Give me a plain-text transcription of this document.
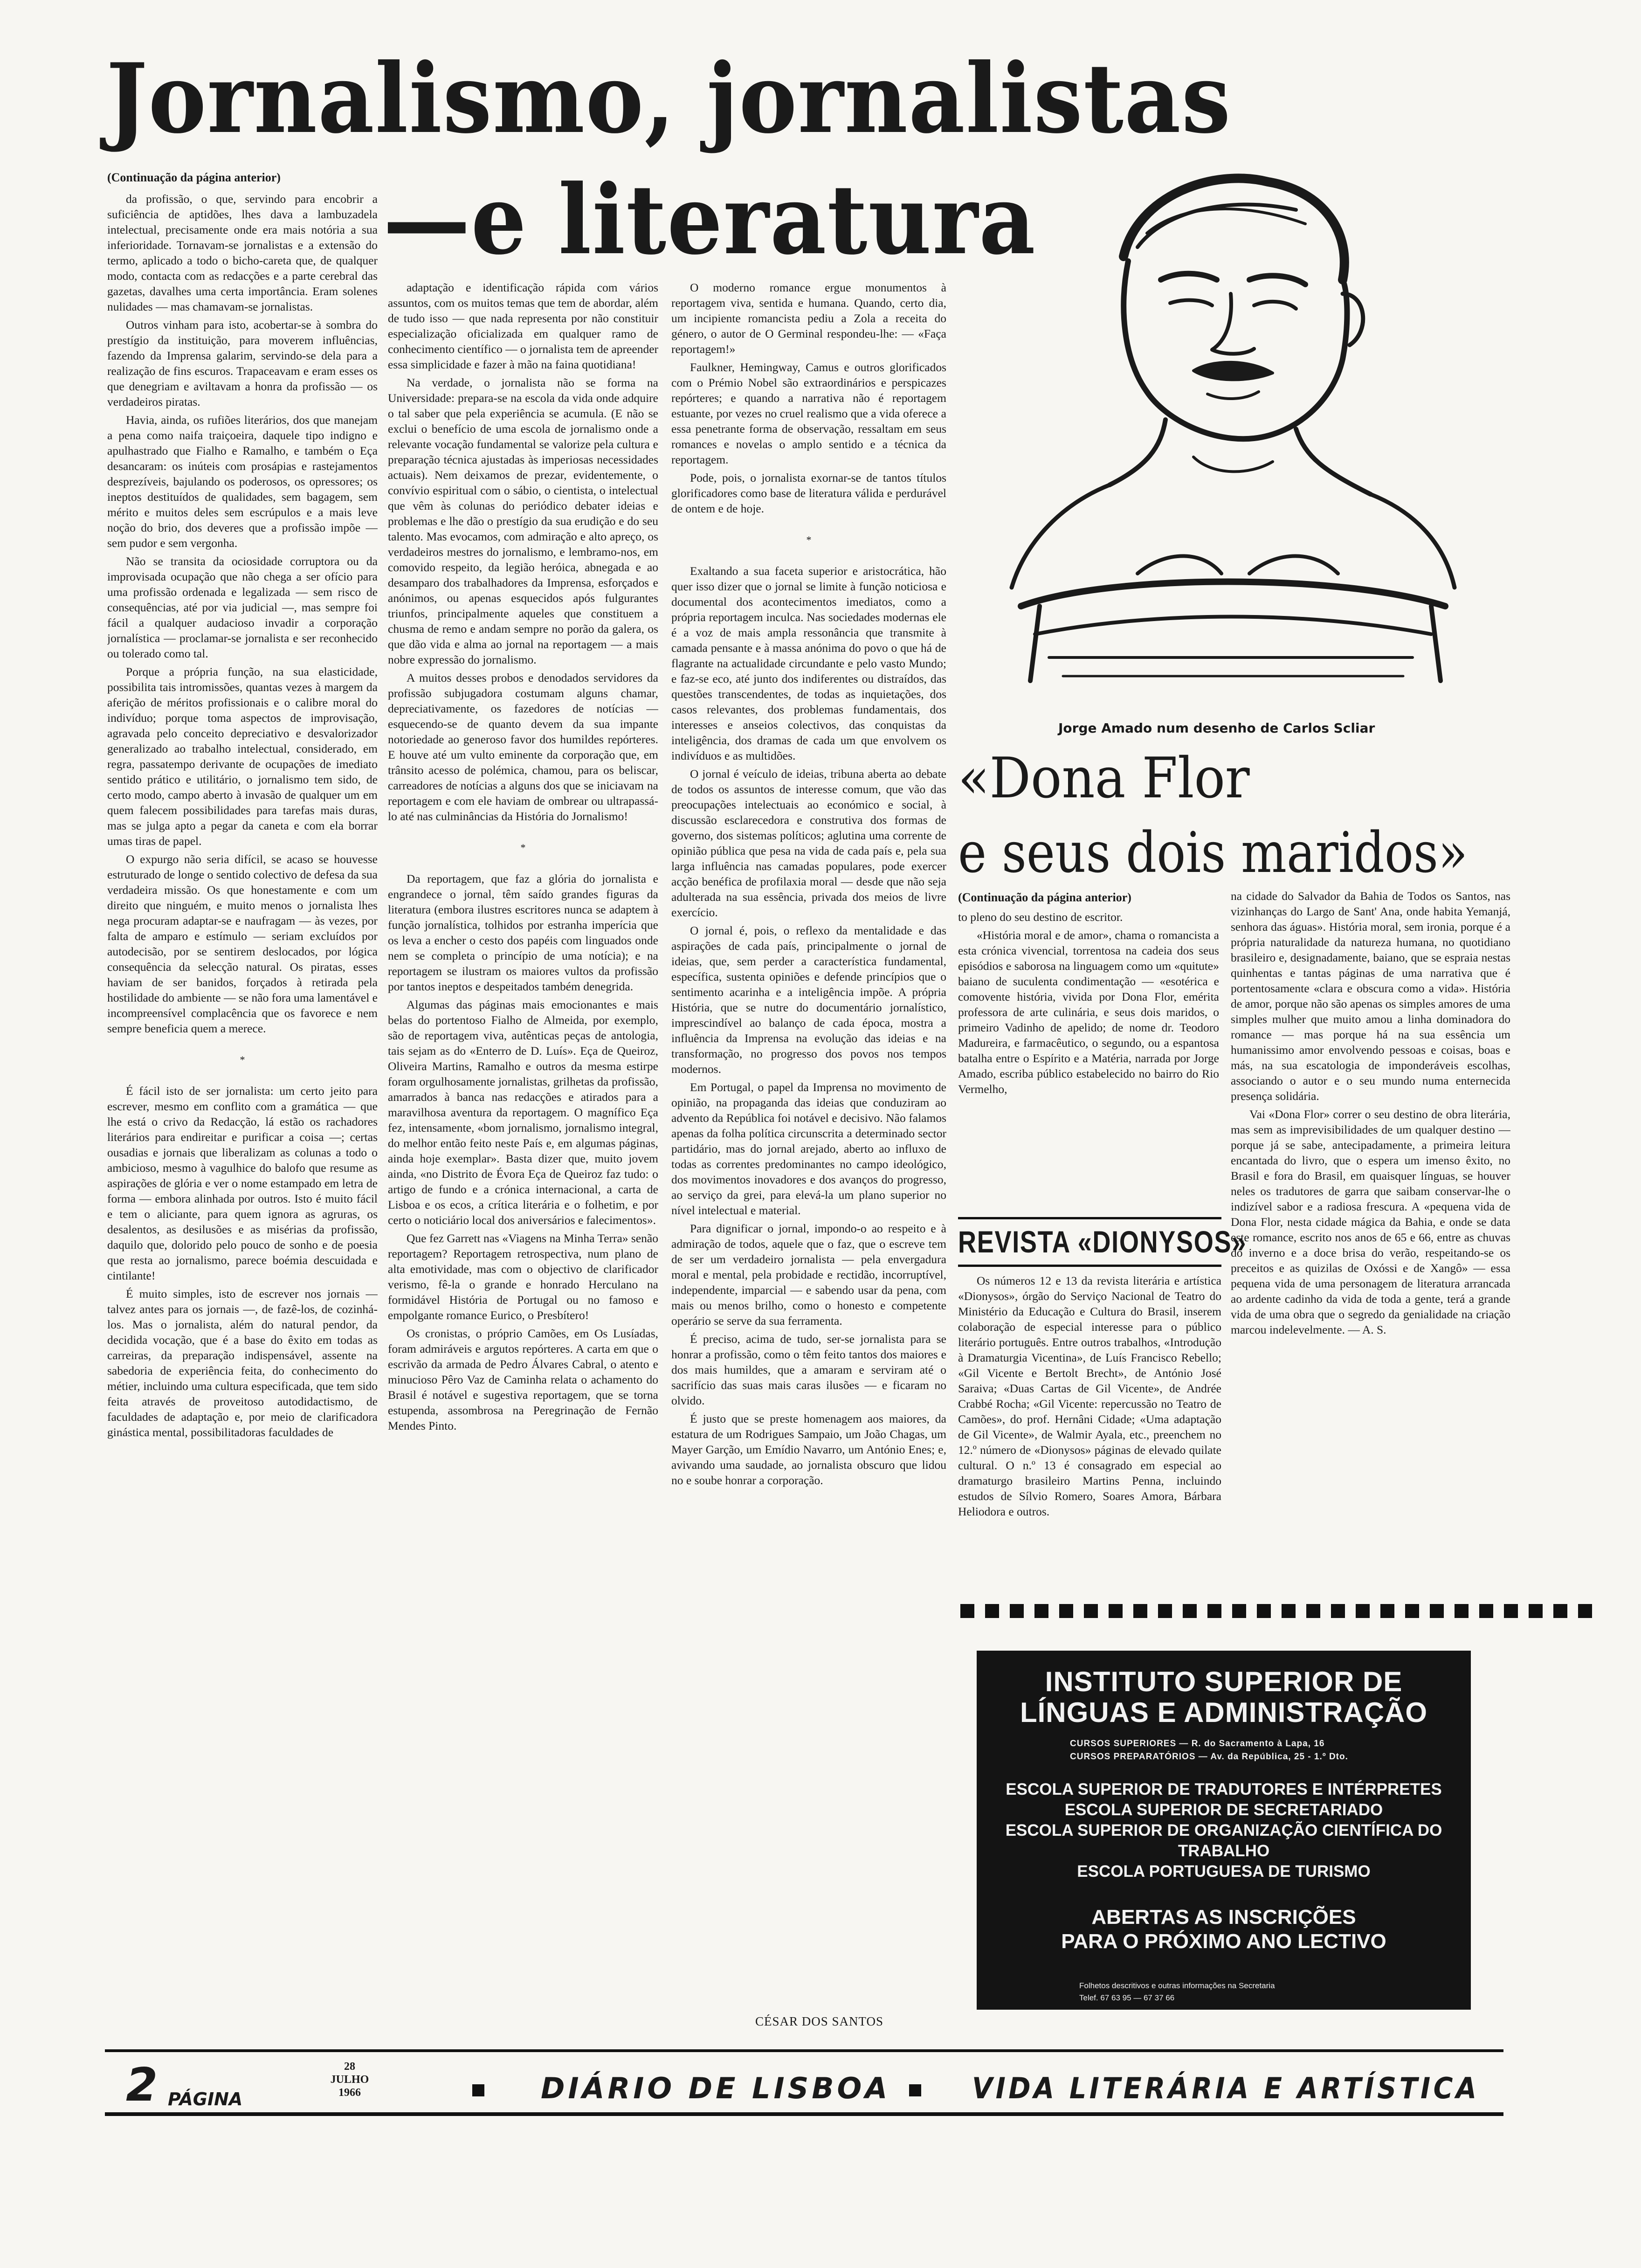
Jornalismo, jornalistas
—e literatura
(Continuação da página anterior)

da profissão, o que, servindo para encobrir a suficiência de aptidões, lhes dava a lambuzadela intelectual, precisamente onde era mais notória a sua inferioridade. Tornavam-se jornalistas e a extensão do termo, aplicado a todo o bicho-careta que, de qualquer modo, contacta com as redacções e a parte cerebral das gazetas, davalhes uma certa importância. Eram solenes nulidades — mas chamavam-se jornalistas.

Outros vinham para isto, acobertar-se à sombra do prestígio da instituição, para moverem influências, fazendo da Imprensa galarim, servindo-se dela para a realização de fins escuros. Trapaceavam e eram esses os que denegriam e aviltavam a honra da profissão — os verdadeiros piratas.

Havia, ainda, os rufiões literários, dos que manejam a pena como naifa traiçoeira, daquele tipo indigno e apulhastrado que Fialho e Ramalho, e também o Eça desancaram: os inúteis com prosápias e rastejamentos desprezíveis, bajulando os poderosos, os opressores; os ineptos destituídos de qualidades, sem bagagem, sem mérito e muitos deles sem escrúpulos e a mais leve noção do brio, dos deveres que a profissão impõe — sem pudor e sem vergonha.

Não se transita da ociosidade corruptora ou da improvisada ocupação que não chega a ser ofício para uma profissão ordenada e legalizada — sem risco de consequências, até por via judicial —, mas sempre foi fácil a qualquer audacioso invadir a corporação jornalística — proclamar-se jornalista e ser reconhecido ou tolerado como tal.

Porque a própria função, na sua elasticidade, possibilita tais intromissões, quantas vezes à margem da aferição de méritos profissionais e o calibre moral do indivíduo; porque toma aspectos de improvisação, agravada pelo conceito depreciativo e desvalorizador generalizado ao trabalho intelectual, considerado, em regra, passatempo derivante de ocupações de imediato sentido prático e utilitário, o jornalismo tem sido, de certo modo, campo aberto à invasão de qualquer um em quem falecem possibilidades para tarefas mais duras, mas se julga apto a pegar da caneta e com ela borrar umas tiras de papel.

O expurgo não seria difícil, se acaso se houvesse estruturado de longe o sentido colectivo de defesa da sua verdadeira missão. Os que honestamente e com um direito que ninguém, e muito menos o jornalista lhes nega procuram adaptar-se e naufragam — às vezes, por falta de amparo e estímulo — seriam excluídos por autodecisão, por se sentirem deslocados, por lógica consequência da selecção natural. Os piratas, esses haviam de ser banidos, forçados à retirada pela hostilidade do ambiente — se não fora uma lamentável e incompreensível complacência que os favorece e nem sempre beneficia quem a merece.

*

É fácil isto de ser jornalista: um certo jeito para escrever, mesmo em conflito com a gramática — que lhe está o crivo da Redacção, lá estão os rachadores literários para endireitar e purificar a coisa —; certas ousadias e jornais que liberalizam as colunas a todo o ambicioso, mesmo à vagulhice do balofo que resume as aspirações de glória e ver o nome estampado em letra de forma — embora alinhada por outros. Isto é muito fácil e tem o aliciante, para quem ignora as agruras, os desalentos, as desilusões e as misérias da profissão, daquilo que, dolorido pelo pouco de sonho e de poesia que resta ao jornalismo, parece boémia descuidada e cintilante!

É muito simples, isto de escrever nos jornais — talvez antes para os jornais —, de fazê-los, de cozinhá-los. Mas o jornalista, além do natural pendor, da decidida vocação, que é a base do êxito em todas as carreiras, da preparação indispensável, assente na sabedoria de experiência feita, do conhecimento do métier, incluindo uma cultura especificada, que tem sido feita através de proveitoso autodidactismo, de faculdades de adaptação e, por meio de clarificadora ginástica mental, possibilitadoras faculdades de

adaptação e identificação rápida com vários assuntos, com os muitos temas que tem de abordar, além de tudo isso — que nada representa por não constituir especialização oficializada em qualquer ramo de conhecimento científico — o jornalista tem de apreender essa simplicidade e fazer à mão na faina quotidiana!

Na verdade, o jornalista não se forma na Universidade: prepara-se na escola da vida onde adquire o tal saber que pela experiência se acumula. (E não se exclui o benefício de uma escola de jornalismo onde a relevante vocação fundamental se valorize pela cultura e preparação técnica ajustadas às imperiosas necessidades actuais). Nem deixamos de prezar, evidentemente, o convívio espiritual com o sábio, o cientista, o intelectual que vêm às colunas do periódico debater ideias e problemas e lhe dão o prestígio da sua erudição e do seu talento. Mas evocamos, com admiração e alto apreço, os verdadeiros mestres do jornalismo, e lembramo-nos, em comovido respeito, da legião heróica, abnegada e ao desamparo dos trabalhadores da Imprensa, esforçados e anónimos, ou apenas esquecidos após fulgurantes triunfos, principalmente aqueles que constituem a chusma de remo e andam sempre no porão da galera, os que dão vida e alma ao jornal na reportagem — a mais nobre expressão do jornalismo.

A muitos desses probos e denodados servidores da profissão subjugadora costumam alguns chamar, depreciativamente, os fazedores de notícias — esquecendo-se de quanto devem da sua impante notoriedade ao generoso favor dos humildes repórteres. E houve até um vulto eminente da corporação que, em trânsito acesso de polémica, chamou, para os beliscar, carreadores de notícias a alguns dos que se iniciavam na reportagem e com ele haviam de ombrear ou ultrapassá-lo até nas culminâncias da História do Jornalismo!

*

Da reportagem, que faz a glória do jornalista e engrandece o jornal, têm saído grandes figuras da literatura (embora ilustres escritores nunca se adaptem à função jornalística, tolhidos por estranha imperícia que os leva a encher o cesto dos papéis com linguados onde nem se completa o princípio de uma notícia); e na reportagem se ilustram os maiores vultos da profissão por tantos ineptos e despeitados também denegrida.

Algumas das páginas mais emocionantes e mais belas do portentoso Fialho de Almeida, por exemplo, são de reportagem viva, autênticas peças de antologia, tais sejam as do «Enterro de D. Luís». Eça de Queiroz, Oliveira Martins, Ramalho e outros da mesma estirpe foram orgulhosamente jornalistas, grilhetas da profissão, amarrados à banca nas redacções e atirados para a maravilhosa aventura da reportagem. O magnífico Eça fez, intensamente, «bom jornalismo, jornalismo integral, do melhor então feito neste País e, em algumas páginas, ainda hoje exemplar». Basta dizer que, muito jovem ainda, «no Distrito de Évora Eça de Queiroz faz tudo: o artigo de fundo e a crónica internacional, a carta de Lisboa e os ecos, a crítica literária e o folhetim, e por certo o noticiário local dos aniversários e falecimentos».

Que fez Garrett nas «Viagens na Minha Terra» senão reportagem? Reportagem retrospectiva, num plano de alta emotividade, mas com o objectivo de clarificador verismo, fê-la o grande e honrado Herculano na formidável História de Portugal ou no famoso e empolgante romance Eurico, o Presbítero!

Os cronistas, o próprio Camões, em Os Lusíadas, foram admiráveis e argutos repórteres. A carta em que o escrivão da armada de Pedro Álvares Cabral, o atento e minucioso Pêro Vaz de Caminha relata o achamento do Brasil é notável e sugestiva reportagem, que se torna estupenda, assombrosa na Peregrinação de Fernão Mendes Pinto.

O moderno romance ergue monumentos à reportagem viva, sentida e humana. Quando, certo dia, um incipiente romancista pediu a Zola a receita do género, o autor de O Germinal respondeu-lhe: — «Faça reportagem!»

Faulkner, Hemingway, Camus e outros glorificados com o Prémio Nobel são extraordinários e perspicazes repórteres; e quando a narrativa não é reportagem estuante, por vezes no cruel realismo que a vida oferece a essa penetrante forma de observação, ressaltam em seus romances e novelas o amplo sentido e a técnica da reportagem.

Pode, pois, o jornalista exornar-se de tantos títulos glorificadores como base de literatura válida e perdurável de ontem e de hoje.

*

Exaltando a sua faceta superior e aristocrática, hão quer isso dizer que o jornal se limite à função noticiosa e documental dos acontecimentos imediatos, como a própria reportagem inculca. Nas sociedades modernas ele é a voz de mais ampla ressonância que transmite à camada pensante e à massa anónima do povo o que há de flagrante na actualidade circundante e pelo vasto Mundo; e faz-se eco, até junto dos indiferentes ou distraídos, das questões transcendentes, de todas as inquietações, dos casos relevantes, dos problemas fundamentais, dos interesses e anseios colectivos, das conquistas da inteligência, dos dramas de cada um que envolvem os indivíduos e as multidões.

O jornal é veículo de ideias, tribuna aberta ao debate de todos os assuntos de interesse comum, que vão das preocupações intelectuais ao económico e social, à discussão esclarecedora e construtiva dos formas de governo, dos sistemas políticos; aglutina uma corrente de opinião pública que pesa na vida de cada país e, pela sua larga influência nas camadas populares, pode exercer acção benéfica de profilaxia moral — desde que não seja adulterada na sua essência, privada dos meios de livre exercício.

O jornal é, pois, o reflexo da mentalidade e das aspirações de cada país, principalmente o jornal de ideias, que, sem perder a característica fundamental, específica, sustenta opiniões e defende princípios que o sentimento acarinha e a inteligência impõe. A própria História, que se nutre do documentário jornalístico, imprescindível ao balanço de cada época, mostra a influência da Imprensa na evolução das ideias e na transformação, no progresso dos povos nos tempos modernos.

Em Portugal, o papel da Imprensa no movimento de opinião, na propaganda das ideias que conduziram ao advento da República foi notável e decisivo. Não falamos apenas da folha política circunscrita a determinado sector partidário, mas do jornal arejado, aberto ao influxo de todas as correntes predominantes no campo ideológico, dos movimentos inovadores e dos avanços do progresso, ao serviço da grei, para elevá-la um plano superior no nível intelectual e material.

Para dignificar o jornal, impondo-o ao respeito e à admiração de todos, aquele que o faz, que o escreve tem de ser um verdadeiro jornalista — pela envergadura moral e mental, pela probidade e rectidão, incorruptível, independente, imparcial — e sabendo usar da pena, com mais ou menos brilho, como o honesto e competente operário se serve da sua ferramenta.

É preciso, acima de tudo, ser-se jornalista para se honrar a profissão, como o têm feito tantos dos maiores e dos mais humildes, que a amaram e serviram até o sacrifício das suas mais caras ilusões — e ficaram no olvido.

É justo que se preste homenagem aos maiores, da estatura de um Rodrigues Sampaio, um João Chagas, um Mayer Garção, um Emídio Navarro, um António Enes; e, avivando uma saudade, ao jornalista obscuro que lidou no e soube honrar a corporação.

CÉSAR DOS SANTOS
Jorge Amado num desenho de Carlos Scliar
«Dona Flor
e seus dois maridos»
(Continuação da página anterior)

to pleno do seu destino de escritor.

«História moral e de amor», chama o romancista a esta crónica vivencial, torrentosa na cadeia dos seus episódios e saborosa na linguagem como um «quitute» baiano de suculenta condimentação — «esotérica e comovente história, vivida por Dona Flor, emérita professora de arte culinária, e seus dois maridos, o primeiro Vadinho de apelido; de nome dr. Teodoro Madureira, e farmacêutico, o segundo, ou a espantosa batalha entre o Espírito e a Matéria, narrada por Jorge Amado, escriba público estabelecido no bairro do Rio Vermelho,

na cidade do Salvador da Bahia de Todos os Santos, nas vizinhanças do Largo de Sant' Ana, onde habita Yemanjá, senhora das águas». História moral, sem ironia, porque é a própria naturalidade da natureza humana, no quotidiano brasileiro e, designadamente, baiano, que se espraia nestas quinhentas e tantas páginas de uma narrativa que é portentosamente «clara e obscura como a vida». História de amor, porque não são apenas os simples amores de uma simples mulher que muito amou a linha dominadora do romance — mas porque há na sua essência um humanissimo amor envolvendo pessoas e coisas, boas e más, na sua escatologia de imponderáveis escolhas, associando o autor e o seu mundo numa enternecida presença solidária.

Vai «Dona Flor» correr o seu destino de obra literária, mas sem as imprevisibilidades de um qualquer destino — porque já se sabe, antecipadamente, a primeira leitura encantada do livro, que o espera um imenso êxito, no Brasil e fora do Brasil, em quaisquer línguas, se houver neles os tradutores de garra que saibam conservar-lhe o indizível sabor e a radiosa frescura. A «pequena vida de Dona Flor, nesta cidade mágica da Bahia, e onde se data este romance, escrito nos anos de 65 e 66, entre as chuvas do inverno e a doce brisa do verão, respeitando-se os preceitos e as quizilas de Oxóssi e de Xangô» — essa pequena vida de uma personagem de literatura arrancada ao ardente cadinho da vida de toda a gente, terá a grande vida de uma obra que o segredo da genialidade na criação marcou indelevelmente. — A. S.

REVISTA «DIONYSOS»

Os números 12 e 13 da revista literária e artística «Dionysos», órgão do Serviço Nacional de Teatro do Ministério da Educação e Cultura do Brasil, inserem colaboração de especial interesse para o público literário português. Entre outros trabalhos, «Introdução à Dramaturgia Vicentina», de Luís Francisco Rebello; «Gil Vicente e Bertolt Brecht», de António José Saraiva; «Duas Cartas de Gil Vicente», de Andrée Crabbé Rocha; «Gil Vicente: repercussão no Teatro de Camões», do prof. Hernâni Cidade; «Uma adaptação de Gil Vicente», de Walmir Ayala, etc., preenchem no 12.º número de «Dionysos» páginas de elevado quilate cultural. O n.º 13 é consagrado em especial ao dramaturgo brasileiro Martins Penna, incluindo estudos de Sílvio Romero, Soares Amora, Bárbara Heliodora e outros.

INSTITUTO SUPERIOR DE
LÍNGUAS E ADMINISTRAÇÃO
CURSOS SUPERIORES — R. do Sacramento à Lapa, 16
CURSOS PREPARATÓRIOS — Av. da República, 25 - 1.º Dto.
ESCOLA SUPERIOR DE TRADUTORES E INTÉRPRETES
ESCOLA SUPERIOR DE SECRETARIADO
ESCOLA SUPERIOR DE ORGANIZAÇÃO CIENTÍFICA DO TRABALHO
ESCOLA PORTUGUESA DE TURISMO
ABERTAS AS INSCRIÇÕES
PARA O PRÓXIMO ANO LECTIVO
Folhetos descritivos e outras informações na Secretaria
Telef. 67 63 95 — 67 37 66
2 PÁGINA
28
JULHO
1966	DIÁRIO DE LISBOA	VIDA LITERÁRIA E ARTÍSTICA
